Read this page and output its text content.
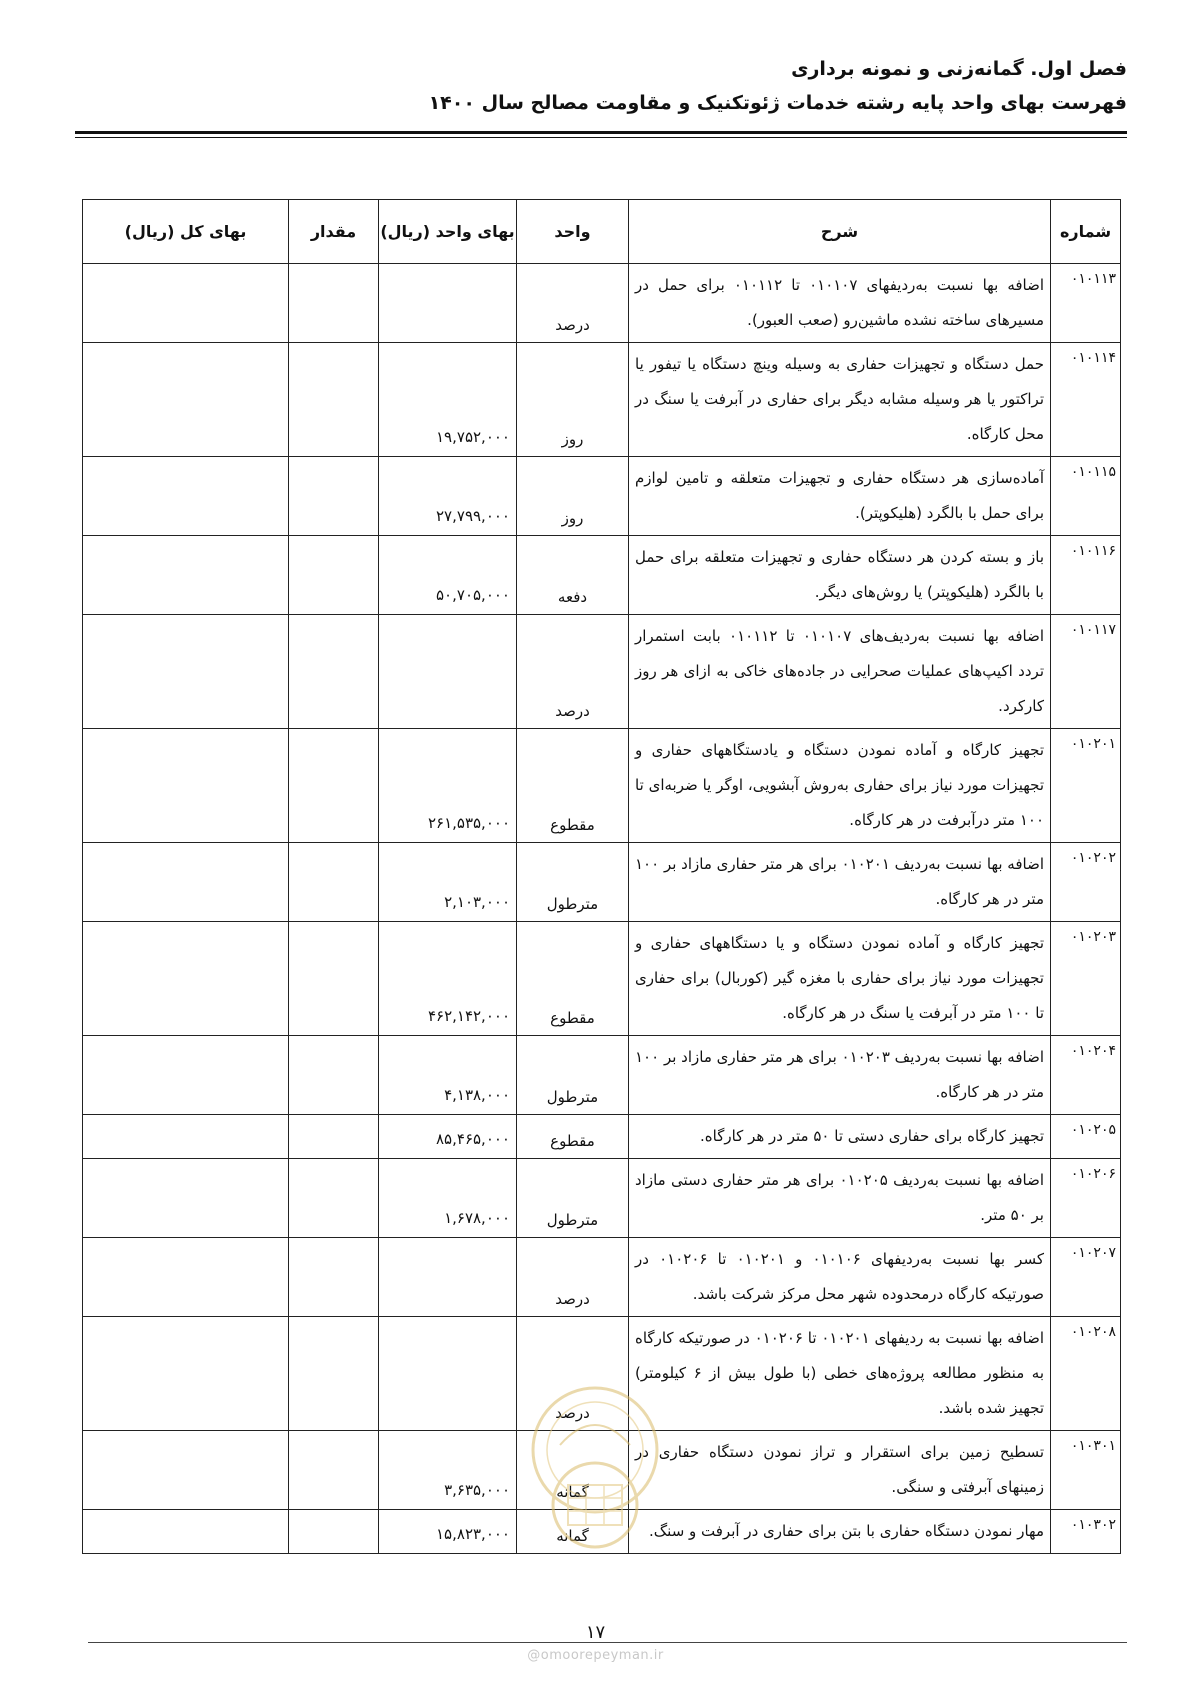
فصل اول. گمانه‌زنی و نمونه برداری
فهرست بهای واحد پایه رشته خدمات ژئوتکنیک و مقاومت مصالح سال ۱۴۰۰
شماره	شرح	واحد	بهای واحد (ریال)	مقدار	بهای کل (ریال)
۰۱۰۱۱۳	اضافه بها نسبت به‌ردیفهای ۰۱۰۱۰۷ تا ۰۱۰۱۱۲ برای حمل در مسیرهای ساخته نشده ماشین‌رو (صعب العبور).	درصد			
۰۱۰۱۱۴	حمل دستگاه و تجهیزات حفاری به وسیله وینچ دستگاه یا تیفور یا تراکتور یا هر وسیله مشابه دیگر برای حفاری در آبرفت یا سنگ در محل کارگاه.	روز	۱۹,۷۵۲,۰۰۰		
۰۱۰۱۱۵	آماده‌سازی هر دستگاه حفاری و تجهیزات متعلقه و تامین لوازم برای حمل با بالگرد (هلیکوپتر).	روز	۲۷,۷۹۹,۰۰۰		
۰۱۰۱۱۶	باز و بسته کردن هر دستگاه حفاری و تجهیزات متعلقه برای حمل با بالگرد (هلیکوپتر) یا روش‌های دیگر.	دفعه	۵۰,۷۰۵,۰۰۰		
۰۱۰۱۱۷	اضافه بها نسبت به‌ردیف‌های ۰۱۰۱۰۷ تا ۰۱۰۱۱۲ بابت استمرار تردد اکیپ‌های عملیات صحرایی در جاده‌های خاکی به ازای هر روز کارکرد.	درصد			
۰۱۰۲۰۱	تجهیز کارگاه و آماده نمودن دستگاه و یادستگاههای حفاری و تجهیزات مورد نیاز برای حفاری به‌روش آبشویی، اوگر یا ضربه‌ای تا ۱۰۰ متر درآبرفت در هر کارگاه.	مقطوع	۲۶۱,۵۳۵,۰۰۰		
۰۱۰۲۰۲	اضافه بها نسبت به‌ردیف ۰۱۰۲۰۱ برای هر متر حفاری مازاد بر ۱۰۰ متر در هر کارگاه.	مترطول	۲,۱۰۳,۰۰۰		
۰۱۰۲۰۳	تجهیز کارگاه و آماده نمودن دستگاه و یا دستگاههای حفاری و تجهیزات مورد نیاز برای حفاری با مغزه گیر (کوربال) برای حفاری تا ۱۰۰ متر در آبرفت یا سنگ در هر کارگاه.	مقطوع	۴۶۲,۱۴۲,۰۰۰		
۰۱۰۲۰۴	اضافه بها نسبت به‌ردیف ۰۱۰۲۰۳ برای هر متر حفاری مازاد بر ۱۰۰ متر در هر کارگاه.	مترطول	۴,۱۳۸,۰۰۰		
۰۱۰۲۰۵	تجهیز کارگاه برای حفاری دستی تا ۵۰ متر در هر کارگاه.	مقطوع	۸۵,۴۶۵,۰۰۰		
۰۱۰۲۰۶	اضافه بها نسبت به‌ردیف ۰۱۰۲۰۵ برای هر متر حفاری دستی مازاد بر ۵۰ متر.	مترطول	۱,۶۷۸,۰۰۰		
۰۱۰۲۰۷	کسر بها نسبت به‌ردیفهای ۰۱۰۱۰۶ و ۰۱۰۲۰۱ تا ۰۱۰۲۰۶ در صورتیکه کارگاه درمحدوده شهر محل مرکز شرکت باشد.	درصد			
۰۱۰۲۰۸	اضافه بها نسبت به ردیفهای ۰۱۰۲۰۱ تا ۰۱۰۲۰۶ در صورتیکه کارگاه به منظور مطالعه پروژه‌های خطی (با طول بیش از ۶ کیلومتر) تجهیز شده باشد.	درصد			
۰۱۰۳۰۱	تسطیح زمین برای استقرار و تراز نمودن دستگاه حفاری در زمینهای آبرفتی و سنگی.	گمانه	۳,۶۳۵,۰۰۰		
۰۱۰۳۰۲	مهار نمودن دستگاه حفاری با بتن برای حفاری در آبرفت و سنگ.	گمانه	۱۵,۸۲۳,۰۰۰		
۱۷
@omoorepeyman.ir
